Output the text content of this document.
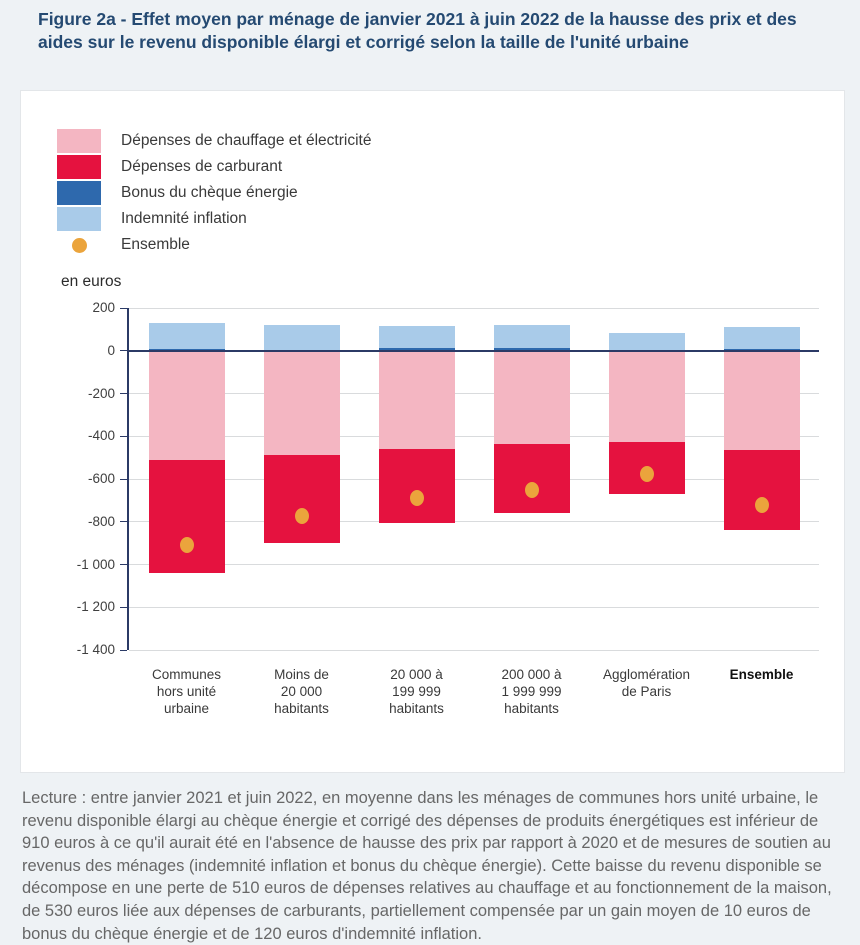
Figure 2a - Effet moyen par ménage de janvier 2021 à juin 2022 de la hausse des prix et des aides sur le revenu disponible élargi et corrigé selon la taille de l'unité urbaine
Dépenses de chauffage et électricité
Dépenses de carburant
Bonus du chèque énergie
Indemnité inflation
Ensemble
en euros
200
0
-200
-400
-600
-800
-1 000
-1 200
-1 400
Communes
hors unité
urbaine
Moins de
20 000
habitants
20 000 à
199 999
habitants
200 000 à
1 999 999
habitants
Agglomération
de Paris
Ensemble
Lecture : entre janvier 2021 et juin 2022, en moyenne dans les ménages de communes hors unité urbaine, le revenu disponible élargi au chèque énergie et corrigé des dépenses de produits énergétiques est inférieur de 910 euros à ce qu'il aurait été en l'absence de hausse des prix par rapport à 2020 et de mesures de soutien au revenus des ménages (indemnité inflation et bonus du chèque énergie). Cette baisse du revenu disponible se décompose en une perte de 510 euros de dépenses relatives au chauffage et au fonctionnement de la maison, de 530 euros liée aux dépenses de carburants, partiellement compensée par un gain moyen de 10 euros de bonus du chèque énergie et de 120 euros d'indemnité inflation.
